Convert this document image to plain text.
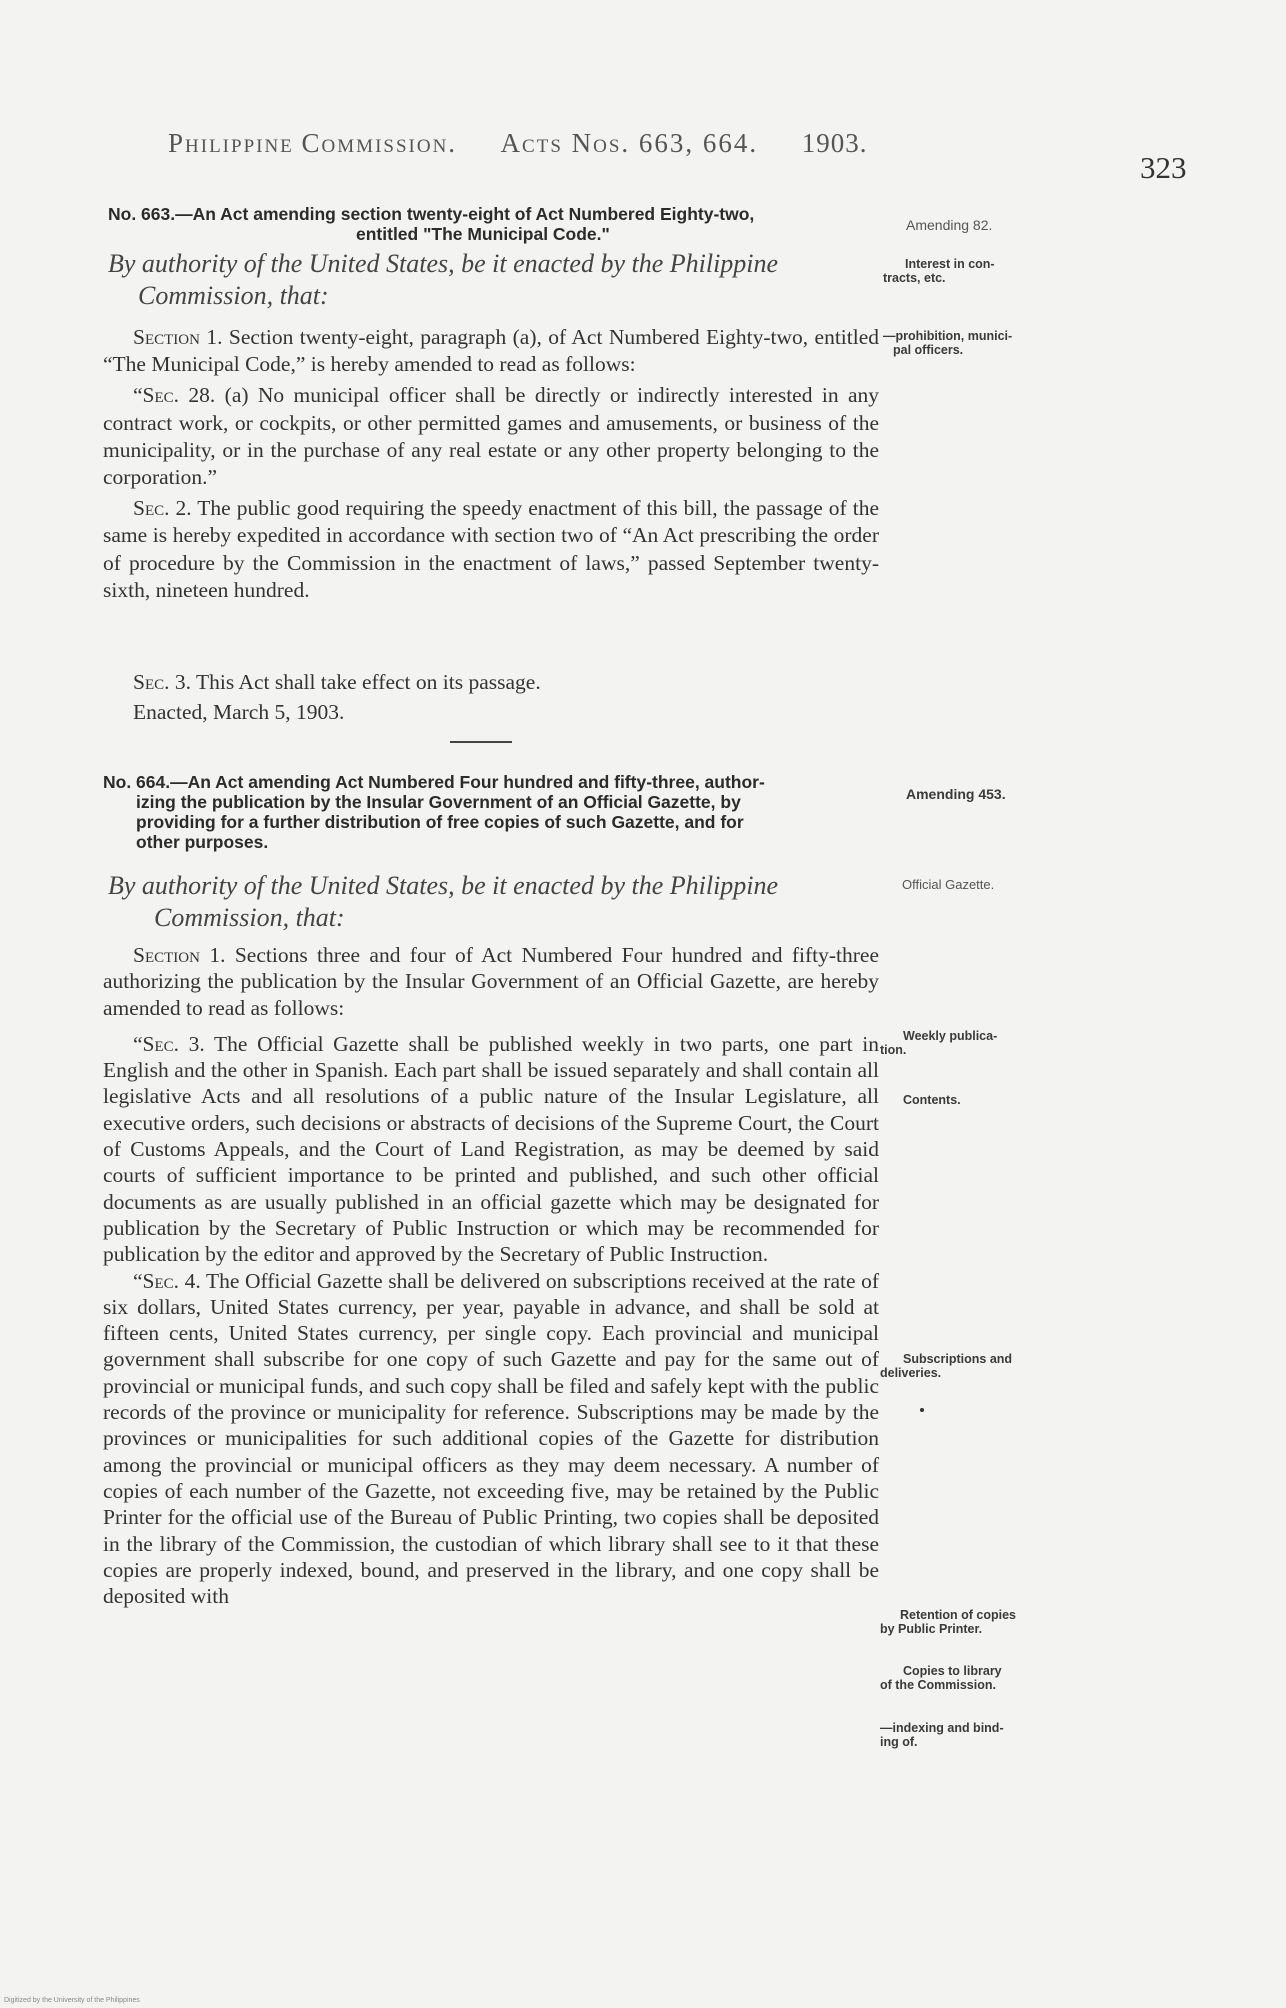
Philippine Commission. Acts Nos. 663, 664. 1903.
323
No. 663.—An Act amending section twenty-eight of Act Numbered Eighty-two,
entitled "The Municipal Code."
By authority of the United States, be it enacted by the Philippine
Commission, that:

Section 1. Section twenty-eight, paragraph (a), of Act Numbered Eighty-two, entitled “The Municipal Code,” is hereby amended to read as follows:

“Sec. 28. (a) No municipal officer shall be directly or indirectly interested in any contract work, or cockpits, or other permitted games and amusements, or business of the municipality, or in the purchase of any real estate or any other property belonging to the corporation.”

Sec. 2. The public good requiring the speedy enactment of this bill, the passage of the same is hereby expedited in accordance with section two of “An Act prescribing the order of procedure by the Commission in the enactment of laws,” passed September twenty-sixth, nineteen hundred.

Sec. 3. This Act shall take effect on its passage.
Enacted, March 5, 1903.
No. 664.—An Act amending Act Numbered Four hundred and fifty-three, author-
izing the publication by the Insular Government of an Official Gazette, by
providing for a further distribution of free copies of such Gazette, and for
other purposes.
By authority of the United States, be it enacted by the Philippine
Commission, that:

Section 1. Sections three and four of Act Numbered Four hundred and fifty-three authorizing the publication by the Insular Government of an Official Gazette, are hereby amended to read as follows:

“Sec. 3. The Official Gazette shall be published weekly in two parts, one part in English and the other in Spanish. Each part shall be issued separately and shall contain all legislative Acts and all resolutions of a public nature of the Insular Legislature, all executive orders, such decisions or abstracts of decisions of the Supreme Court, the Court of Customs Appeals, and the Court of Land Registration, as may be deemed by said courts of sufficient importance to be printed and published, and such other official documents as are usually published in an official gazette which may be designated for publication by the Secretary of Public Instruction or which may be recommended for publication by the editor and approved by the Secretary of Public Instruction.

“Sec. 4. The Official Gazette shall be delivered on subscriptions received at the rate of six dollars, United States currency, per year, payable in advance, and shall be sold at fifteen cents, United States currency, per single copy. Each provincial and municipal government shall subscribe for one copy of such Gazette and pay for the same out of provincial or municipal funds, and such copy shall be filed and safely kept with the public records of the province or municipality for reference. Subscriptions may be made by the provinces or municipalities for such additional copies of the Gazette for distribution among the provincial or municipal officers as they may deem necessary. A number of copies of each number of the Gazette, not exceeding five, may be retained by the Public Printer for the official use of the Bureau of Public Printing, two copies shall be deposited in the library of the Commission, the custodian of which library shall see to it that these copies are properly indexed, bound, and preserved in the library, and one copy shall be deposited with

Amending 82.
Interest in con-
tracts, etc.
—prohibition, munici-
pal officers.
Amending 453.
Official Gazette.
Weekly publica-
tion.
Contents.
Subscriptions and
deliveries.
Retention of copies
by Public Printer.
Copies to library
of the Commission.
—indexing and bind-
ing of.
Digitized by the University of the Philippines
